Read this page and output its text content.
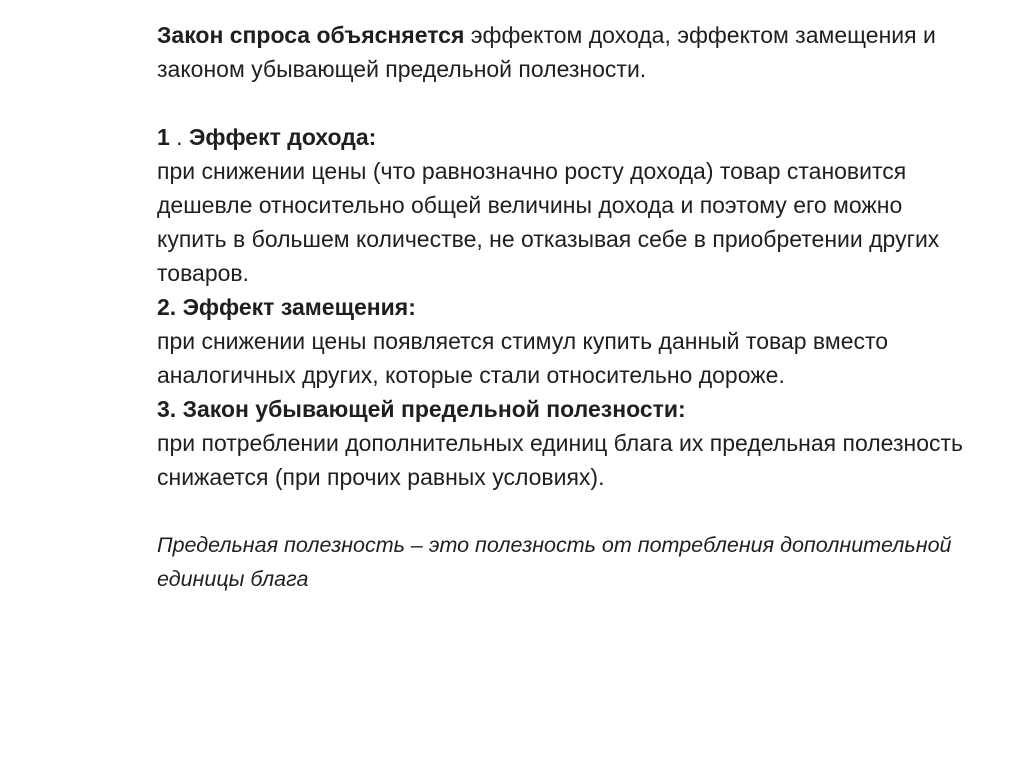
Закон спроса объясняется эффектом дохода, эффектом замещения и законом убывающей предельной полезности.

1 . Эффект дохода:

при снижении цены (что равнозначно росту дохода) товар становится дешевле относительно общей величины дохода и поэтому его можно купить в большем количестве, не отказывая себе в приобретении других товаров.

2. Эффект замещения:

при снижении цены появляется стимул купить данный товар вместо аналогичных других, которые стали относительно дороже.

3. Закон убывающей предельной полезности:

при потреблении дополнительных единиц блага их предельная полезность снижается (при прочих равных условиях).

Предельная полезность – это полезность от потребления дополнительной единицы блага
